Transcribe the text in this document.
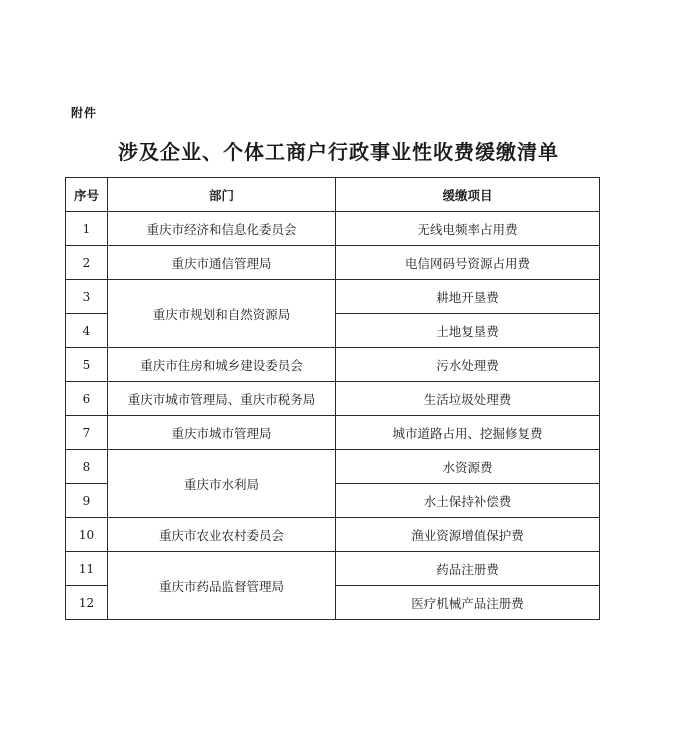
附件
涉及企业、个体工商户行政事业性收费缓缴清单
序号	部门	缓缴项目
1	重庆市经济和信息化委员会	无线电频率占用费
2	重庆市通信管理局	电信网码号资源占用费
3	重庆市规划和自然资源局	耕地开垦费
4		土地复垦费
5	重庆市住房和城乡建设委员会	污水处理费
6	重庆市城市管理局、重庆市税务局	生活垃圾处理费
7	重庆市城市管理局	城市道路占用、挖掘修复费
8	重庆市水利局	水资源费
9		水土保持补偿费
10	重庆市农业农村委员会	渔业资源增值保护费
11	重庆市药品监督管理局	药品注册费
12		医疗机械产品注册费
